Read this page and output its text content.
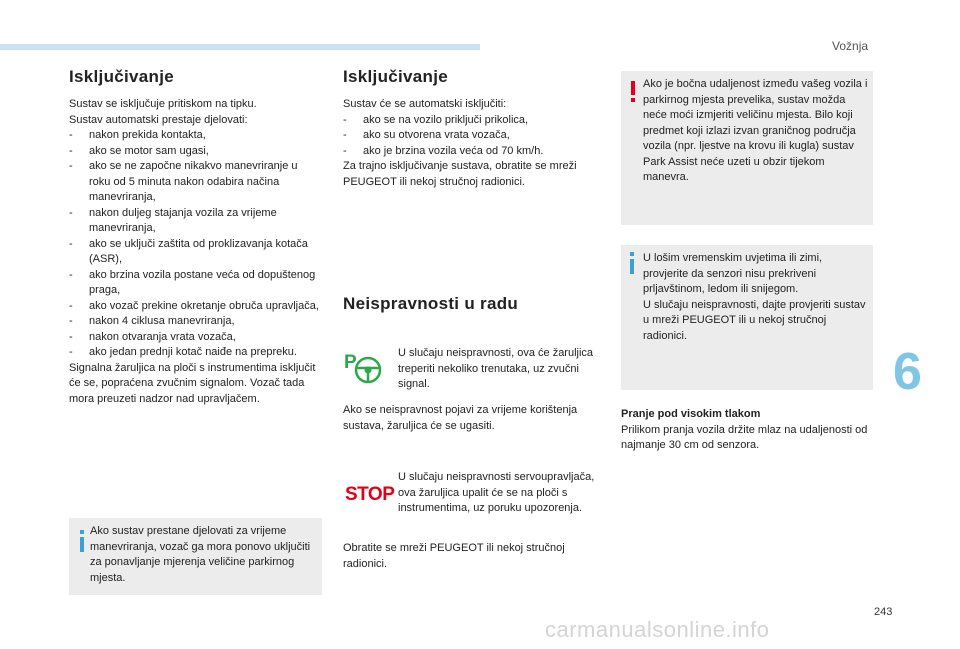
Vožnja
6
243
carmanualsonline.info
Isključivanje

Sustav se isključuje pritiskom na tipku.

Sustav automatski prestaje djelovati:

- nakon prekida kontakta,
- ako se motor sam ugasi,
- ako se ne započne nikakvo manevriranje u roku od 5 minuta nakon odabira načina manevriranja,
- nakon duljeg stajanja vozila za vrijeme manevriranja,
- ako se uključi zaštita od proklizavanja kotača (ASR),
- ako brzina vozila postane veća od dopuštenog praga,
- ako vozač prekine okretanje obruča upravljača,
- nakon 4 ciklusa manevriranja,
- nakon otvaranja vrata vozača,
- ako jedan prednji kotač naiđe na prepreku.

Signalna žaruljica na ploči s instrumentima isključit će se, popraćena zvučnim signalom. Vozač tada mora preuzeti nadzor nad upravljačem.

Ako sustav prestane djelovati za vrijeme manevriranja, vozač ga mora ponovo uključiti za ponavljanje mjerenja veličine parkirnog mjesta.
Isključivanje

Sustav će se automatski isključiti:

- ako se na vozilo priključi prikolica,
- ako su otvorena vrata vozača,
- ako je brzina vozila veća od 70 km/h.

Za trajno isključivanje sustava, obratite se mreži PEUGEOT ili nekoj stručnoj radionici.

Neispravnosti u radu
P	U slučaju neispravnosti, ova će žaruljica treperiti nekoliko trenutaka, uz zvučni signal.
Ako se neispravnost pojavi za vrijeme korištenja sustava, žaruljica će se ugasiti.
STOP
U slučaju neispravnosti servoupravljača, ova žaruljica upalit će se na ploči s instrumentima, uz poruku upozorenja.
Obratite se mreži PEUGEOT ili nekoj stručnoj radionici.
Ako je bočna udaljenost između vašeg vozila i parkirnog mjesta prevelika, sustav možda neće moći izmjeriti veličinu mjesta. Bilo koji predmet koji izlazi izvan graničnog područja vozila (npr. ljestve na krovu ili kugla) sustav Park Assist neće uzeti u obzir tijekom manevra.
U lošim vremenskim uvjetima ili zimi, provjerite da senzori nisu prekriveni prljavštinom, ledom ili snijegom.
U slučaju neispravnosti, dajte provjeriti sustav u mreži PEUGEOT ili u nekoj stručnoj radionici.

Pranje pod visokim tlakom

Prilikom pranja vozila držite mlaz na udaljenosti od najmanje 30 cm od senzora.
